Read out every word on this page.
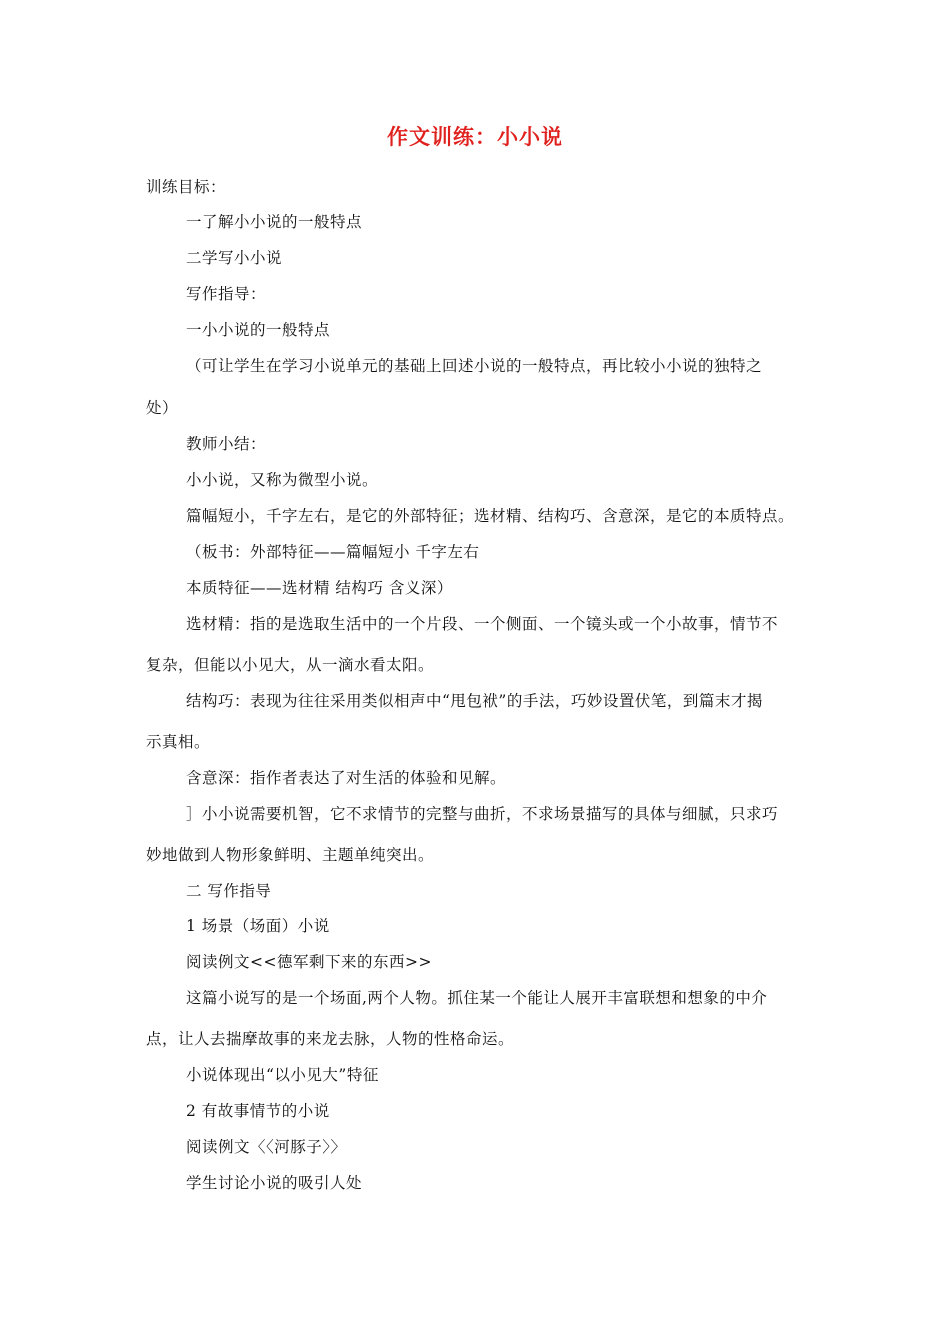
作文训练：小小说
训练目标：
一了解小小说的一般特点
二学写小小说
写作指导：
一小小说的一般特点
（可让学生在学习小说单元的基础上回述小说的一般特点，再比较小小说的独特之
处）
教师小结：
小小说，又称为微型小说。
篇幅短小，千字左右，是它的外部特征；选材精、结构巧、含意深，是它的本质特点。
（板书：外部特征——篇幅短小 千字左右
本质特征——选材精 结构巧 含义深）
选材精：指的是选取生活中的一个片段、一个侧面、一个镜头或一个小故事，情节不
复杂，但能以小见大，从一滴水看太阳。
结构巧：表现为往往采用类似相声中“甩包袱”的手法，巧妙设置伏笔，到篇末才揭
示真相。
含意深：指作者表达了对生活的体验和见解。
］小小说需要机智，它不求情节的完整与曲折，不求场景描写的具体与细腻，只求巧
妙地做到人物形象鲜明、主题单纯突出。
二 写作指导
1 场景（场面）小说
阅读例文<<德军剩下来的东西>>
这篇小说写的是一个场面,两个人物。抓住某一个能让人展开丰富联想和想象的中介
点，让人去揣摩故事的来龙去脉，人物的性格命运。
小说体现出“以小见大”特征
2 有故事情节的小说
阅读例文〈〈河豚子〉〉
学生讨论小说的吸引人处
